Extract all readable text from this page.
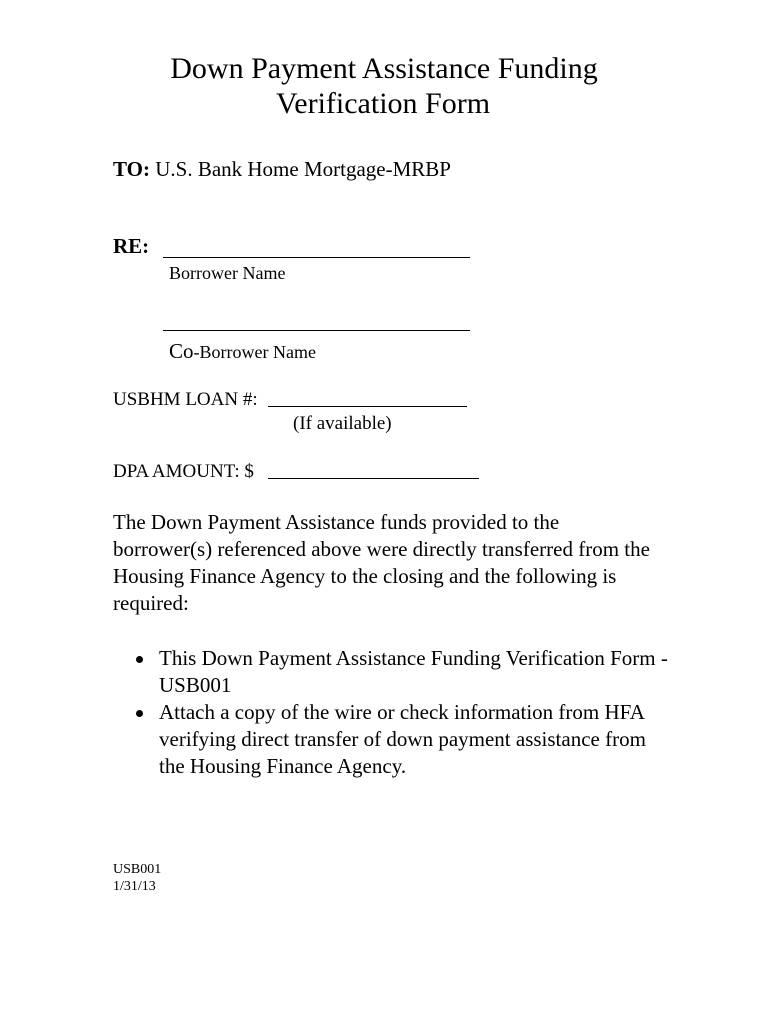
Down Payment Assistance Funding
Verification Form
TO: U.S. Bank Home Mortgage-MRBP
RE:
Borrower Name
Co-Borrower Name
USBHM LOAN #:
(If available)
DPA AMOUNT: $
The Down Payment Assistance funds provided to the borrower(s) referenced above were directly transferred from the Housing Finance Agency to the closing and the following is required:
This Down Payment Assistance Funding Verification Form - USB001
Attach a copy of the wire or check information from HFA verifying direct transfer of down payment assistance from the Housing Finance Agency.
USB001
1/31/13
